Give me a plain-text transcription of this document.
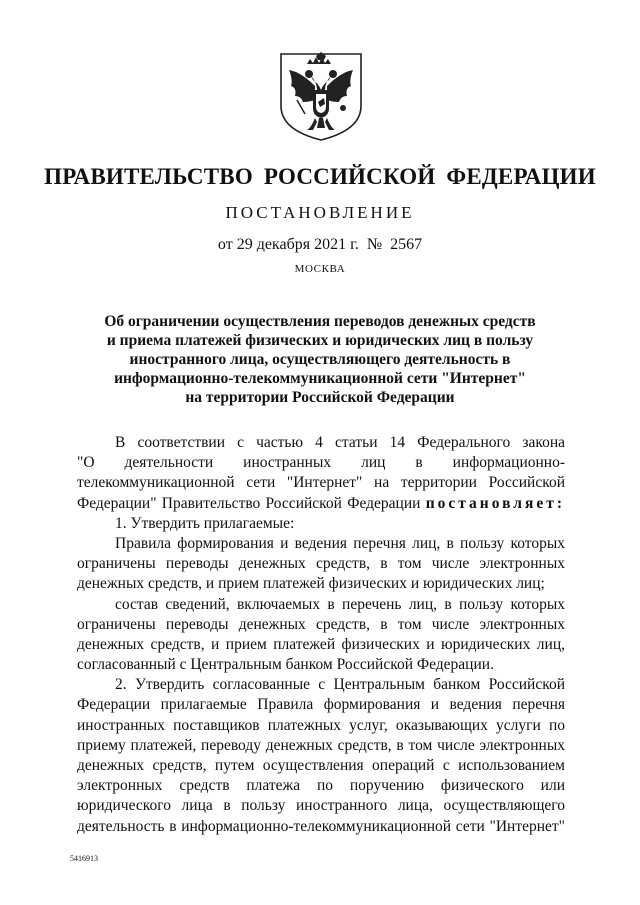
ПРАВИТЕЛЬСТВО РОССИЙСКОЙ ФЕДЕРАЦИИ
ПОСТАНОВЛЕНИЕ
от 29 декабря 2021 г.  №  2567
МОСКВА
Об ограничении осуществления переводов денежных средств
и приема платежей физических и юридических лиц в пользу
иностранного лица, осуществляющего деятельность в
информационно-телекоммуникационной сети "Интернет"
на территории Российской Федерации
В соответствии с частью 4 статьи 14 Федерального закона
"О деятельности иностранных лиц в информационно-
телекоммуникационной сети "Интернет" на территории Российской
Федерации" Правительство Российской Федерации постановляет:
1. Утвердить прилагаемые:
Правила формирования и ведения перечня лиц, в пользу которых
ограничены переводы денежных средств, в том числе электронных
денежных средств, и прием платежей физических и юридических лиц;
состав сведений, включаемых в перечень лиц, в пользу которых
ограничены переводы денежных средств, в том числе электронных
денежных средств, и прием платежей физических и юридических лиц,
согласованный с Центральным банком Российской Федерации.
2. Утвердить согласованные с Центральным банком Российской
Федерации прилагаемые Правила формирования и ведения перечня
иностранных поставщиков платежных услуг, оказывающих услуги по
приему платежей, переводу денежных средств, в том числе электронных
денежных средств, путем осуществления операций с использованием
электронных средств платежа по поручению физического или
юридического лица в пользу иностранного лица, осуществляющего
деятельность в информационно-телекоммуникационной сети "Интернет"
5416913
